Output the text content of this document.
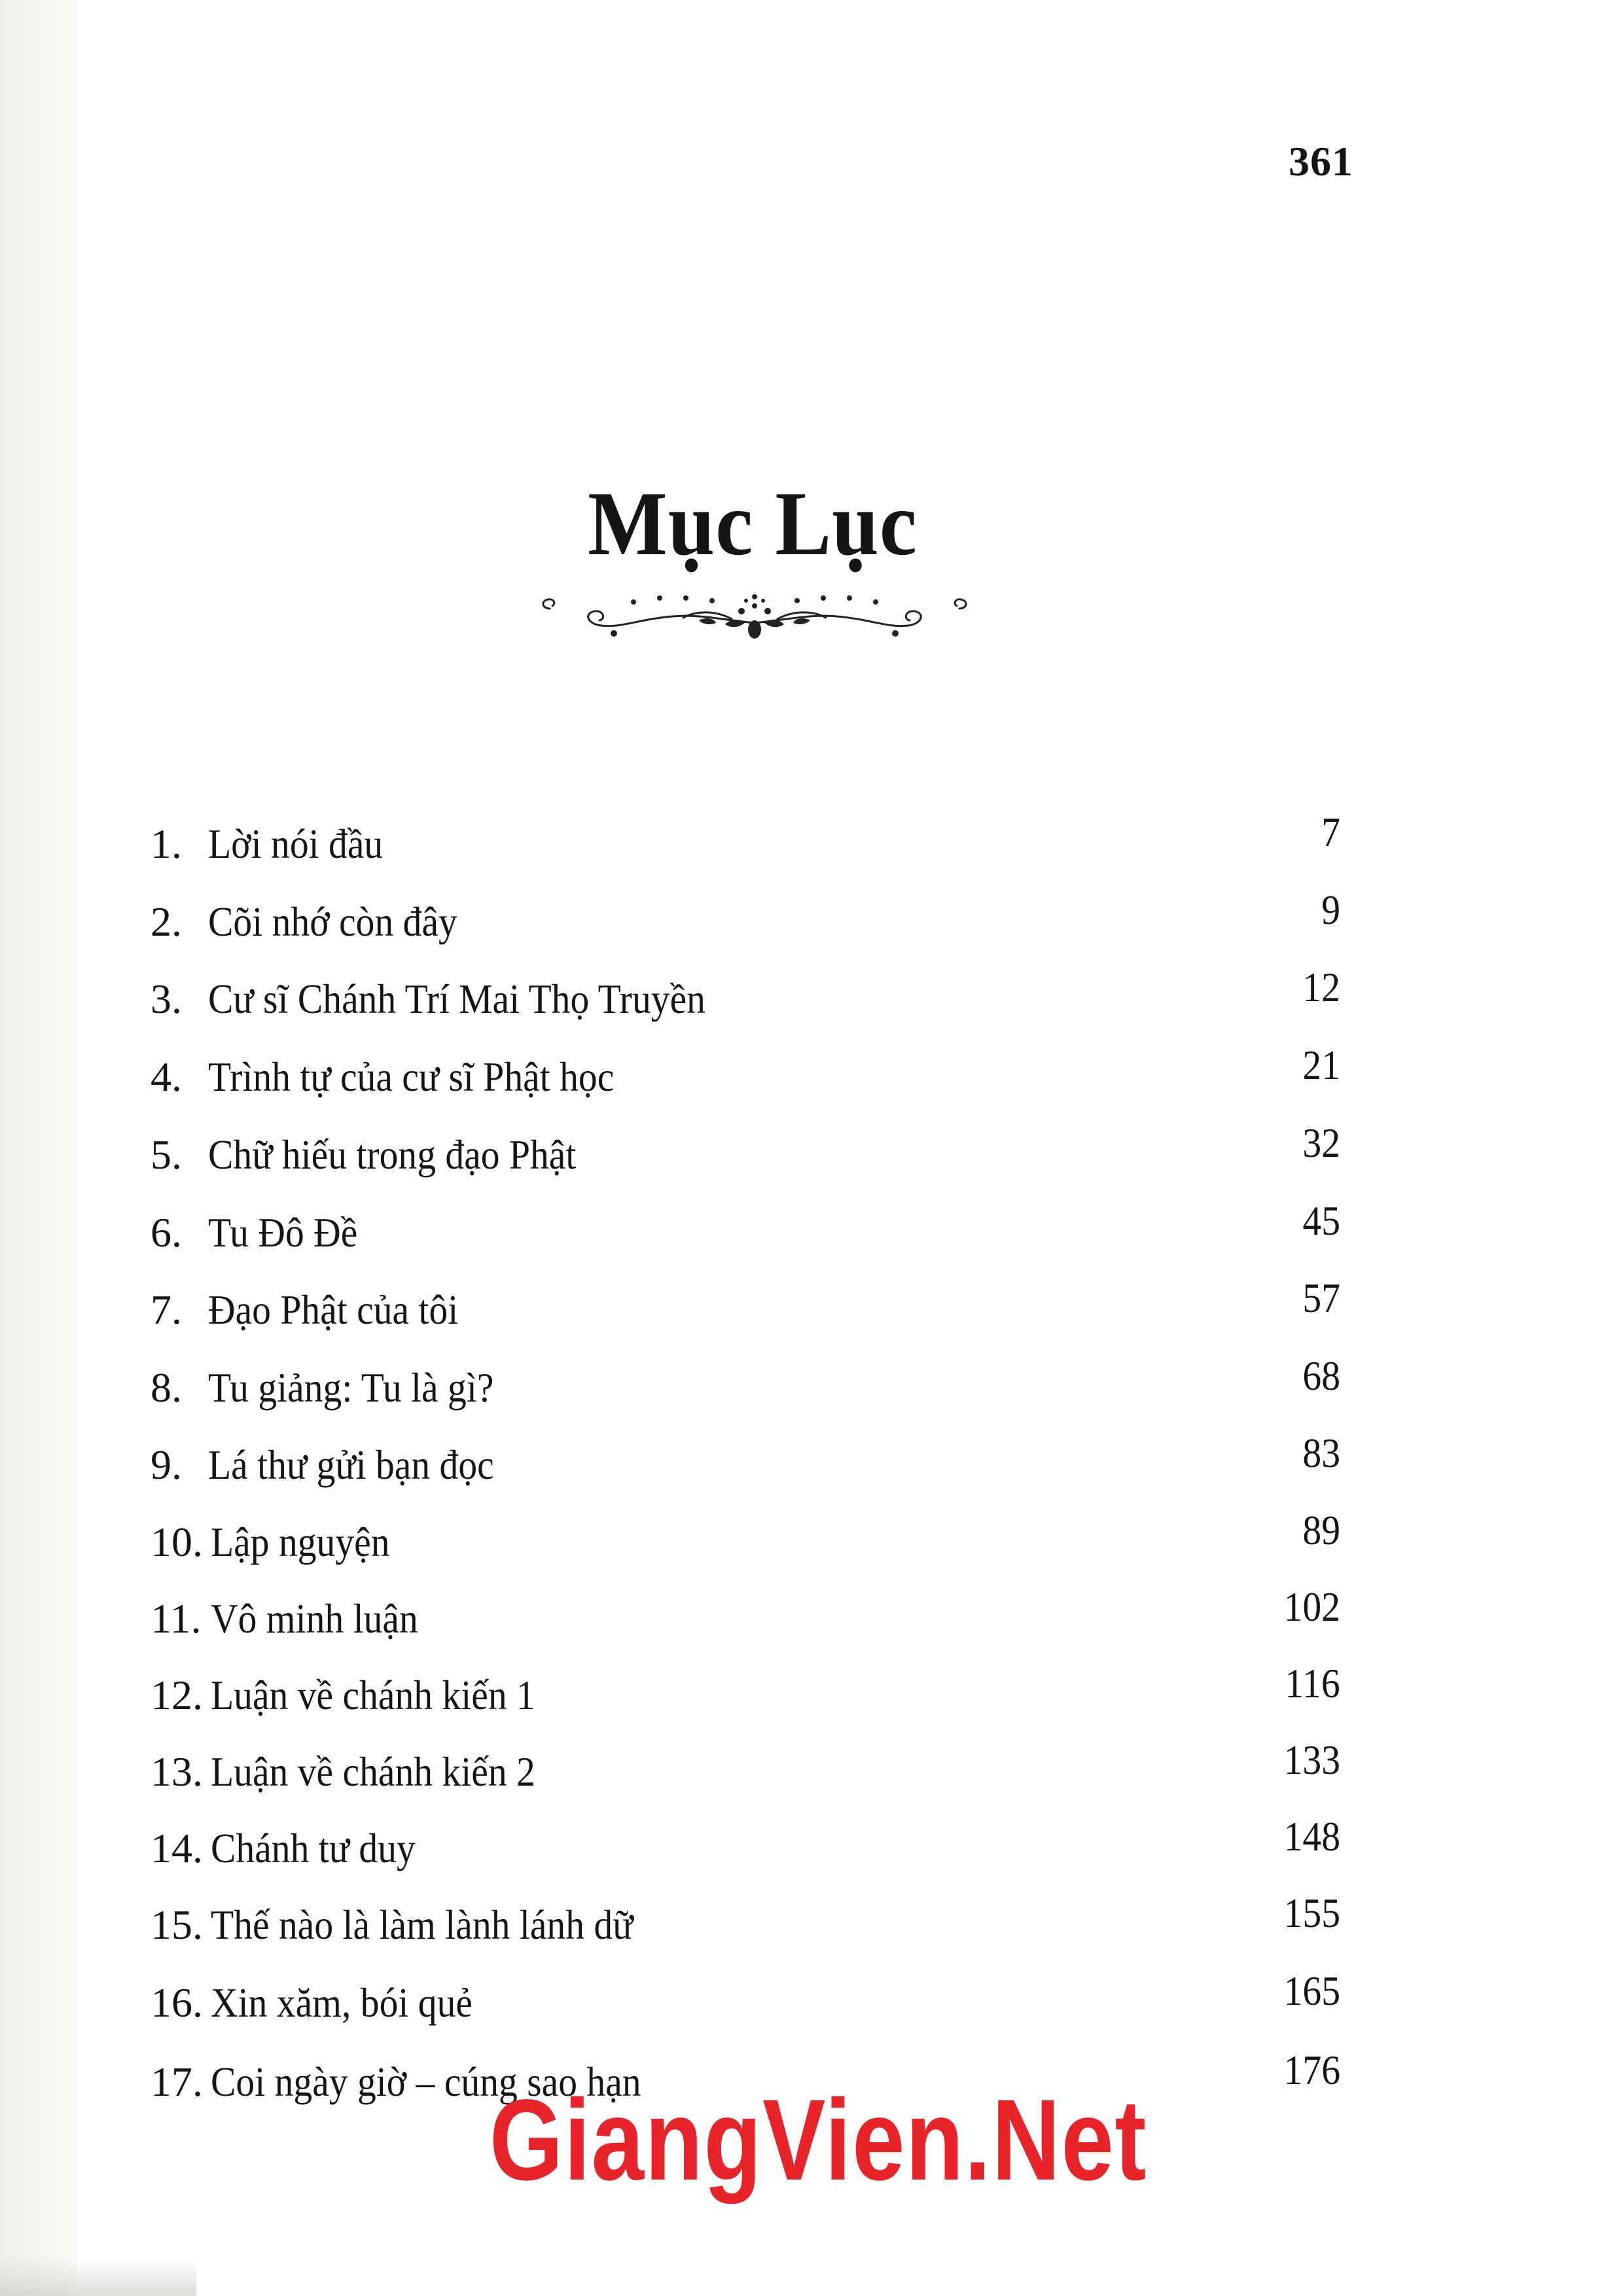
361
Mục Lục
1. Lời nói đầu	7
2. Cõi nhớ còn đây	9
3. Cư sĩ Chánh Trí Mai Thọ Truyền	12
4. Trình tự của cư sĩ Phật học	21
5. Chữ hiếu trong đạo Phật	32
6. Tu Đô Đề	45
7. Đạo Phật của tôi	57
8. Tu giảng: Tu là gì?	68
9. Lá thư gửi bạn đọc	83
10. Lập nguyện	89
11. Vô minh luận	102
12. Luận về chánh kiến 1	116
13. Luận về chánh kiến 2	133
14. Chánh tư duy	148
15. Thế nào là làm lành lánh dữ	155
16. Xin xăm, bói quẻ	165
17. Coi ngày giờ – cúng sao hạn	176
GiangVien.Net
